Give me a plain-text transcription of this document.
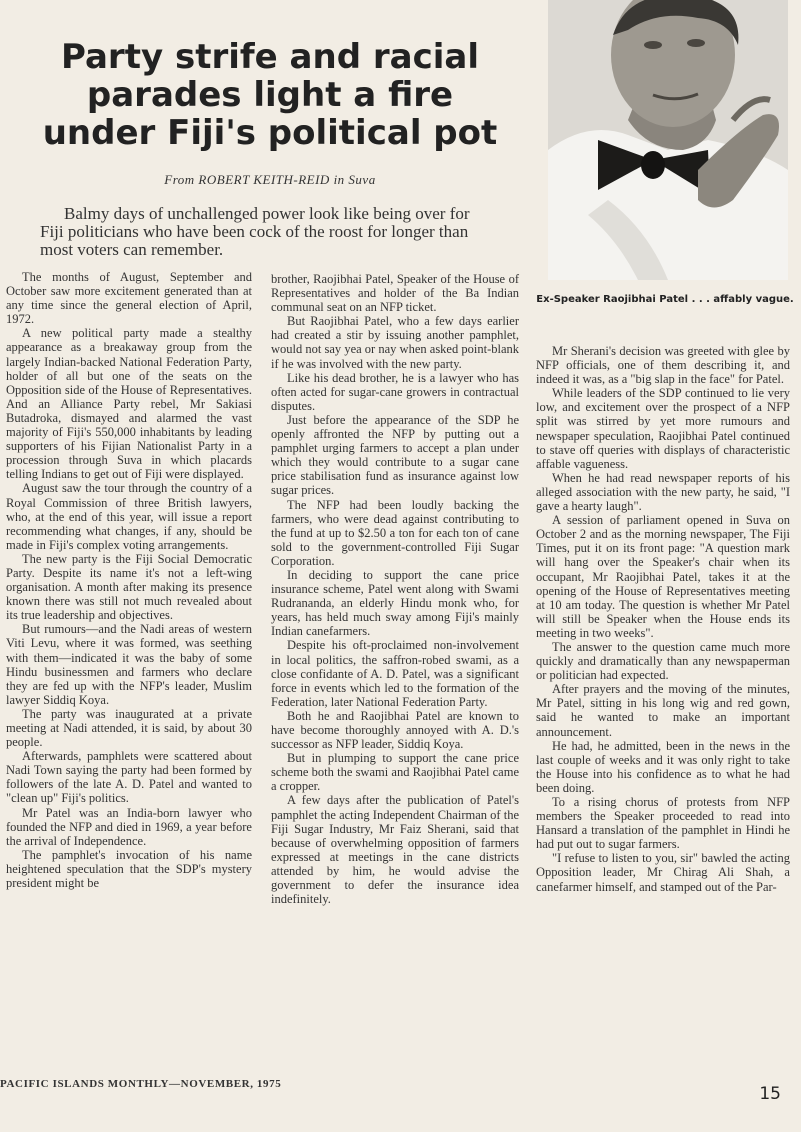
Party strife and racial
parades light a fire
under Fiji's political pot
From ROBERT KEITH-REID in Suva
Balmy days of unchallenged power look like being over for
Fiji politicians who have been cock of the roost for longer than
most voters can remember.
Ex-Speaker Raojibhai Patel . . . affably vague.

The months of August, September and October saw more excitement generated than at any time since the general election of April, 1972.

A new political party made a stealthy appearance as a breakaway group from the largely Indian-backed National Federation Party, holder of all but one of the seats on the Opposition side of the House of Representatives. And an Alliance Party rebel, Mr Sakiasi Butadroka, dismayed and alarmed the vast majority of Fiji's 550,000 inhabitants by leading supporters of his Fijian Nationalist Party in a procession through Suva in which placards telling Indians to get out of Fiji were displayed.

August saw the tour through the country of a Royal Commission of three British lawyers, who, at the end of this year, will issue a report recommending what changes, if any, should be made in Fiji's complex voting arrangements.

The new party is the Fiji Social Democratic Party. Despite its name it's not a left-wing organisation. A month after making its presence known there was still not much revealed about its true leadership and objectives.

But rumours—and the Nadi areas of western Viti Levu, where it was formed, was seething with them—indicated it was the baby of some Hindu businessmen and farmers who declare they are fed up with the NFP's leader, Muslim lawyer Siddiq Koya.

The party was inaugurated at a private meeting at Nadi attended, it is said, by about 30 people.

Afterwards, pamphlets were scattered about Nadi Town saying the party had been formed by followers of the late A. D. Patel and wanted to "clean up" Fiji's politics.

Mr Patel was an India-born lawyer who founded the NFP and died in 1969, a year before the arrival of Independence.

The pamphlet's invocation of his name heightened speculation that the SDP's mystery president might be

brother, Raojibhai Patel, Speaker of the House of Representatives and holder of the Ba Indian communal seat on an NFP ticket.

But Raojibhai Patel, who a few days earlier had created a stir by issuing another pamphlet, would not say yea or nay when asked point-blank if he was involved with the new party.

Like his dead brother, he is a lawyer who has often acted for sugar-cane growers in contractual disputes.

Just before the appearance of the SDP he openly affronted the NFP by putting out a pamphlet urging farmers to accept a plan under which they would contribute to a sugar cane price stabilisation fund as insurance against low sugar prices.

The NFP had been loudly backing the farmers, who were dead against contributing to the fund at up to $2.50 a ton for each ton of cane sold to the government-controlled Fiji Sugar Corporation.

In deciding to support the cane price insurance scheme, Patel went along with Swami Rudrananda, an elderly Hindu monk who, for years, has held much sway among Fiji's mainly Indian canefarmers.

Despite his oft-proclaimed non-involvement in local politics, the saffron-robed swami, as a close confidante of A. D. Patel, was a significant force in events which led to the formation of the Federation, later National Federation Party.

Both he and Raojibhai Patel are known to have become thoroughly annoyed with A. D.'s successor as NFP leader, Siddiq Koya.

But in plumping to support the cane price scheme both the swami and Raojibhai Patel came a cropper.

A few days after the publication of Patel's pamphlet the acting Independent Chairman of the Fiji Sugar Industry, Mr Faiz Sherani, said that because of overwhelming opposition of farmers expressed at meetings in the cane districts attended by him, he would advise the government to defer the insurance idea indefinitely.

Mr Sherani's decision was greeted with glee by NFP officials, one of them describing it, and indeed it was, as a "big slap in the face" for Patel.

While leaders of the SDP continued to lie very low, and excitement over the prospect of a NFP split was stirred by yet more rumours and newspaper speculation, Raojibhai Patel continued to stave off queries with displays of characteristic affable vagueness.

When he had read newspaper reports of his alleged association with the new party, he said, "I gave a hearty laugh".

A session of parliament opened in Suva on October 2 and as the morning newspaper, The Fiji Times, put it on its front page: "A question mark will hang over the Speaker's chair when its occupant, Mr Raojibhai Patel, takes it at the opening of the House of Representatives meeting at 10 am today. The question is whether Mr Patel will still be Speaker when the House ends its meeting in two weeks".

The answer to the question came much more quickly and dramatically than any newspaperman or politician had expected.

After prayers and the moving of the minutes, Mr Patel, sitting in his long wig and red gown, said he wanted to make an important announcement.

He had, he admitted, been in the news in the last couple of weeks and it was only right to take the House into his confidence as to what he had been doing.

To a rising chorus of protests from NFP members the Speaker proceeded to read into Hansard a translation of the pamphlet in Hindi he had put out to sugar farmers.

"I refuse to listen to you, sir" bawled the acting Opposition leader, Mr Chirag Ali Shah, a canefarmer himself, and stamped out of the Par-

PACIFIC ISLANDS MONTHLY—NOVEMBER, 1975	15
